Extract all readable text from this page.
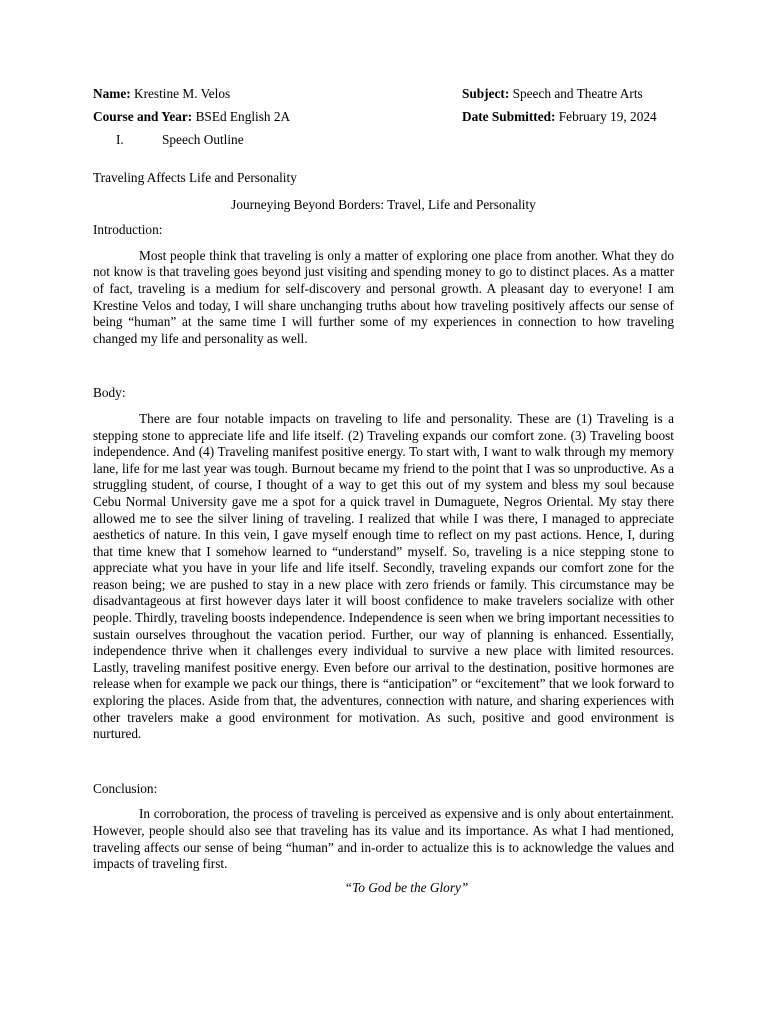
Name: Krestine M. Velos	Subject: Speech and Theatre Arts
Course and Year: BSEd English 2A	Date Submitted: February 19, 2024
I.	Speech Outline
Traveling Affects Life and Personality
Journeying Beyond Borders: Travel, Life and Personality
Introduction:
Most people think that traveling is only a matter of exploring one place from another. What they do not know is that traveling goes beyond just visiting and spending money to go to distinct places. As a matter of fact, traveling is a medium for self-discovery and personal growth. A pleasant day to everyone! I am Krestine Velos and today, I will share unchanging truths about how traveling positively affects our sense of being “human” at the same time I will further some of my experiences in connection to how traveling changed my life and personality as well.
Body:
There are four notable impacts on traveling to life and personality. These are (1) Traveling is a stepping stone to appreciate life and life itself. (2) Traveling expands our comfort zone. (3) Traveling boost independence. And (4) Traveling manifest positive energy. To start with, I want to walk through my memory lane, life for me last year was tough. Burnout became my friend to the point that I was so unproductive. As a struggling student, of course, I thought of a way to get this out of my system and bless my soul because Cebu Normal University gave me a spot for a quick travel in Dumaguete, Negros Oriental. My stay there allowed me to see the silver lining of traveling. I realized that while I was there, I managed to appreciate aesthetics of nature. In this vein, I gave myself enough time to reflect on my past actions. Hence, I, during that time knew that I somehow learned to “understand” myself. So, traveling is a nice stepping stone to appreciate what you have in your life and life itself. Secondly, traveling expands our comfort zone for the reason being; we are pushed to stay in a new place with zero friends or family. This circumstance may be disadvantageous at first however days later it will boost confidence to make travelers socialize with other people. Thirdly, traveling boosts independence. Independence is seen when we bring important necessities to sustain ourselves throughout the vacation period. Further, our way of planning is enhanced. Essentially, independence thrive when it challenges every individual to survive a new place with limited resources. Lastly, traveling manifest positive energy. Even before our arrival to the destination, positive hormones are release when for example we pack our things, there is “anticipation” or “excitement” that we look forward to exploring the places. Aside from that, the adventures, connection with nature, and sharing experiences with other travelers make a good environment for motivation. As such, positive and good environment is nurtured.
Conclusion:
In corroboration, the process of traveling is perceived as expensive and is only about entertainment. However, people should also see that traveling has its value and its importance. As what I had mentioned, traveling affects our sense of being “human” and in-order to actualize this is to acknowledge the values and impacts of traveling first.
“To God be the Glory”
